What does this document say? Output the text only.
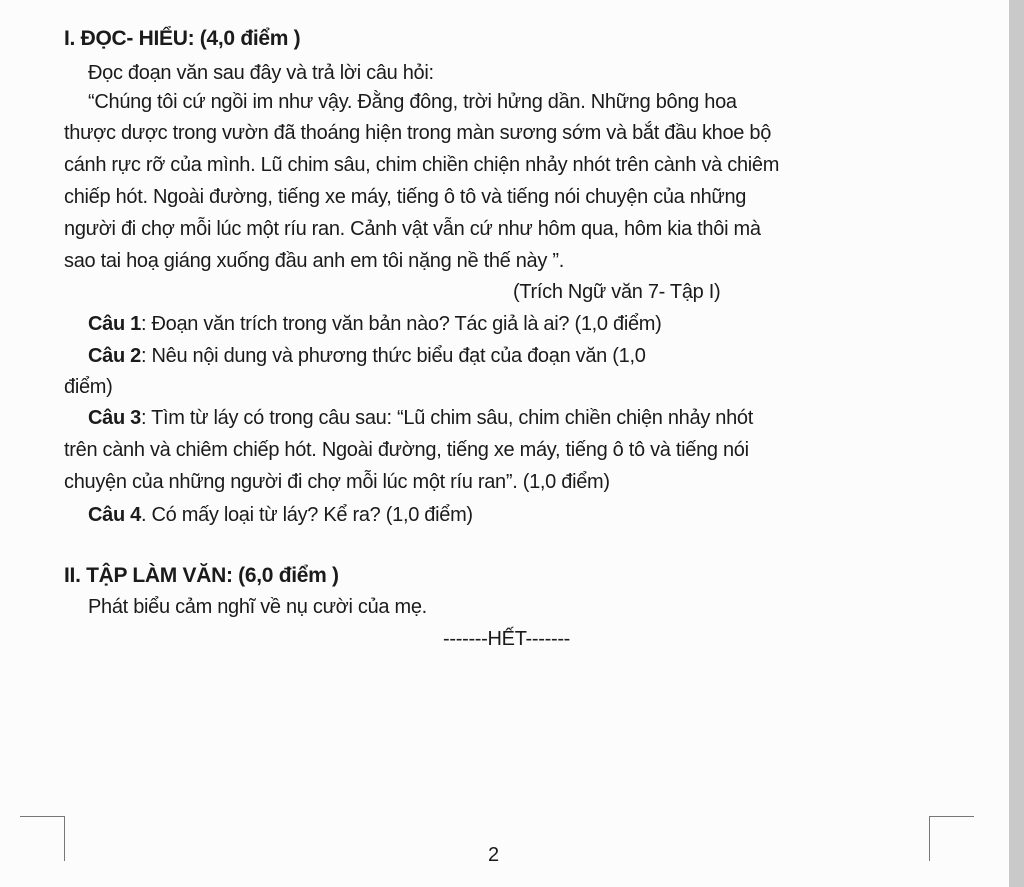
I. ĐỌC- HIỂU: (4,0 điểm )
Đọc đoạn văn sau đây và trả lời câu hỏi:
“Chúng tôi cứ ngồi im như vậy. Đằng đông, trời hửng dần. Những bông hoa
thược dược trong vườn đã thoáng hiện trong màn sương sớm và bắt đầu khoe bộ
cánh rực rỡ của mình. Lũ chim sâu, chim chiền chiện nhảy nhót trên cành và chiêm
chiếp hót. Ngoài đường, tiếng xe máy, tiếng ô tô và tiếng nói chuyện của những
người đi chợ mỗi lúc một ríu ran. Cảnh vật vẫn cứ như hôm qua, hôm kia thôi mà
sao tai hoạ giáng xuống đầu anh em tôi nặng nề thế này ”.
(Trích Ngữ văn 7- Tập I)
Câu 1: Đoạn văn trích trong văn bản nào? Tác giả là ai? (1,0 điểm)
Câu 2: Nêu nội dung và phương thức biểu đạt của đoạn văn (1,0
điểm)
Câu 3: Tìm từ láy có trong câu sau: “Lũ chim sâu, chim chiền chiện nhảy nhót
trên cành và chiêm chiếp hót. Ngoài đường, tiếng xe máy, tiếng ô tô và tiếng nói
chuyện của những người đi chợ mỗi lúc một ríu ran”. (1,0 điểm)
Câu 4. Có mấy loại từ láy? Kể ra? (1,0 điểm)
II. TẬP LÀM VĂN: (6,0 điểm )
Phát biểu cảm nghĩ về nụ cười của mẹ.
-------HẾT-------
2
